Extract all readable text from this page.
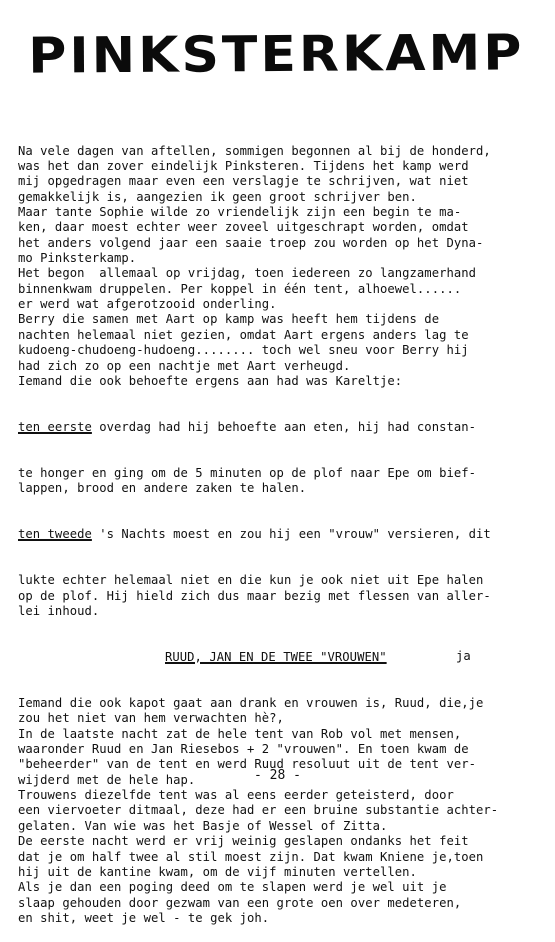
PINKSTERKAMP

Na vele dagen van aftellen, sommigen begonnen al bij de honderd,
was het dan zover eindelijk Pinksteren. Tijdens het kamp werd
mij opgedragen maar even een verslagje te schrijven, wat niet
gemakkelijk is, aangezien ik geen groot schrijver ben.
Maar tante Sophie wilde zo vriendelijk zijn een begin te ma-
ken, daar moest echter weer zoveel uitgeschrapt worden, omdat
het anders volgend jaar een saaie troep zou worden op het Dyna-
mo Pinksterkamp.
Het begon  allemaal op vrijdag, toen iedereen zo langzamerhand
binnenkwam druppelen. Per koppel in één tent, alhoewel......
er werd wat afgerotzooid onderling.
Berry die samen met Aart op kamp was heeft hem tijdens de
nachten helemaal niet gezien, omdat Aart ergens anders lag te
kudoeng-chudoeng-hudoeng........ toch wel sneu voor Berry hij
had zich zo op een nachtje met Aart verheugd.
Iemand die ook behoefte ergens aan had was Kareltje:

ten eerste overdag had hij behoefte aan eten, hij had constan-

te honger en ging om de 5 minuten op de plof naar Epe om bief-
lappen, brood en andere zaken te halen.

ten tweede 's Nachts moest en zou hij een "vrouw" versieren, dit

lukte echter helemaal niet en die kun je ook niet uit Epe halen
op de plof. Hij hield zich dus maar bezig met flessen van aller-
lei inhoud.

RUUD, JAN EN DE TWEE "VROUWEN"	ja

Iemand die ook kapot gaat aan drank en vrouwen is, Ruud, die,je
zou het niet van hem verwachten hè?,
In de laatste nacht zat de hele tent van Rob vol met mensen,
waaronder Ruud en Jan Riesebos + 2 "vrouwen". En toen kwam de
"beheerder" van de tent en werd Ruud resoluut uit de tent ver-
wijderd met de hele hap.
Trouwens diezelfde tent was al eens eerder geteisterd, door
een viervoeter ditmaal, deze had er een bruine substantie achter-
gelaten. Van wie was het Basje of Wessel of Zitta.
De eerste nacht werd er vrij weinig geslapen ondanks het feit
dat je om half twee al stil moest zijn. Dat kwam Kniene je,toen
hij uit de kantine kwam, om de vijf minuten vertellen.
Als je dan een poging deed om te slapen werd je wel uit je
slaap gehouden door gezwam van een grote oen over medeteren,
en shit, weet je wel - te gek joh.

- 28 -
